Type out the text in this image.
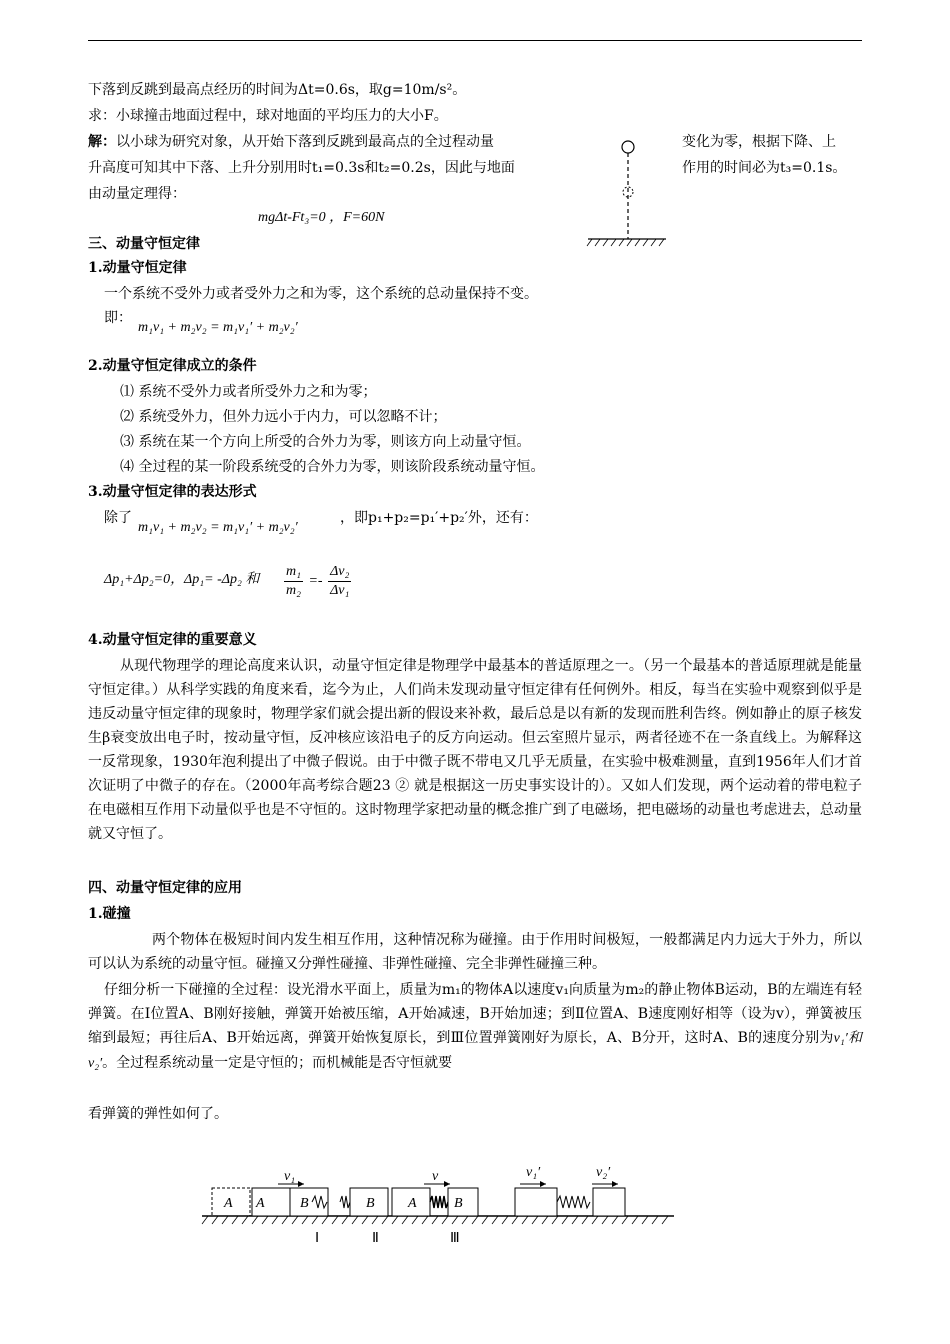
下落到反跳到最高点经历的时间为Δt=0.6s，取g=10m/s²。
求：小球撞击地面过程中，球对地面的平均压力的大小F。
解：以小球为研究对象，从开始下落到反跳到最高点的全过程动量	变化为零，根据下降、上
升高度可知其中下落、上升分别用时t₁=0.3s和t₂=0.2s，因此与地面	作用的时间必为t₃=0.1s。
由动量定理得：
mgΔt-Ft₃=0 ，F=60N
三、动量守恒定律
1.动量守恒定律
一个系统不受外力或者受外力之和为零，这个系统的总动量保持不变。
即：
m₁v₁ + m₂v₂ = m₁v₁′ + m₂v₂′
2.动量守恒定律成立的条件
⑴ 系统不受外力或者所受外力之和为零；
⑵ 系统受外力，但外力远小于内力，可以忽略不计；
⑶ 系统在某一个方向上所受的合外力为零，则该方向上动量守恒。
⑷ 全过程的某一阶段系统受的合外力为零，则该阶段系统动量守恒。
3.动量守恒定律的表达形式
除了
m₁v₁ + m₂v₂ = m₁v₁′ + m₂v₂′
，即p₁+p₂=p₁′+p₂′外，还有：
Δp₁+Δp₂=0，Δp₁= -Δp₂ 和 $\frac{\text{m₁}}{\text{m₂}} =- \frac{\text{Δv₂}}{\text{Δv₁}}$
4.动量守恒定律的重要意义
从现代物理学的理论高度来认识，动量守恒定律是物理学中最基本的普适原理之一。（另一个最基本的普适原理就是能量守恒定律。）从科学实践的角度来看，迄今为止，人们尚未发现动量守恒定律有任何例外。相反，每当在实验中观察到似乎是违反动量守恒定律的现象时，物理学家们就会提出新的假设来补救，最后总是以有新的发现而胜利告终。例如静止的原子核发生β衰变放出电子时，按动量守恒，反冲核应该沿电子的反方向运动。但云室照片显示，两者径迹不在一条直线上。为解释这一反常现象，1930年泡利提出了中微子假说。由于中微子既不带电又几乎无质量，在实验中极难测量，直到1956年人们才首次证明了中微子的存在。（2000年高考综合题23 ② 就是根据这一历史事实设计的）。又如人们发现，两个运动着的带电粒子在电磁相互作用下动量似乎也是不守恒的。这时物理学家把动量的概念推广到了电磁场，把电磁场的动量也考虑进去，总动量就又守恒了。
四、动量守恒定律的应用
1.碰撞
两个物体在极短时间内发生相互作用，这种情况称为碰撞。由于作用时间极短，一般都满足内力远大于外力，所以可以认为系统的动量守恒。碰撞又分弹性碰撞、非弹性碰撞、完全非弹性碰撞三种。
仔细分析一下碰撞的全过程：设光滑水平面上，质量为m₁的物体A以速度v₁向质量为m₂的静止物体B运动，B的左端连有轻弹簧。在Ⅰ位置A、B刚好接触，弹簧开始被压缩，A开始减速，B开始加速；到Ⅱ位置A、B速度刚好相等（设为v），弹簧被压缩到最短；再往后A、B开始远离，弹簧开始恢复原长，到Ⅲ位置弹簧刚好为原长，A、B分开，这时A、B的速度分别为v₁′和v₂′。全过程系统动量一定是守恒的；而机械能是否守恒就要
看弹簧的弹性如何了。
A A	B
v₁
B A	B
v	v₁′	v₂′
Ⅰ	Ⅱ	Ⅲ
